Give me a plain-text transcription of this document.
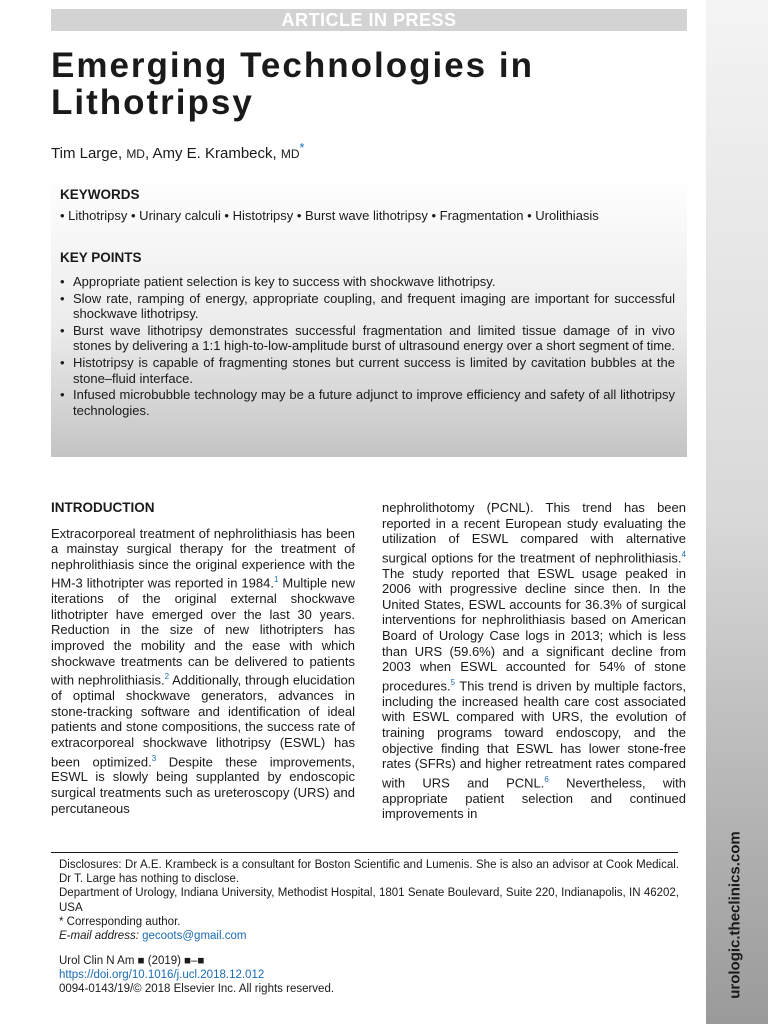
ARTICLE IN PRESS
urologic.theclinics.com
Emerging Technologies in
Lithotripsy
Tim Large, MD, Amy E. Krambeck, MD*
KEYWORDS
• Lithotripsy • Urinary calculi • Histotripsy • Burst wave lithotripsy • Fragmentation • Urolithiasis
KEY POINTS
• Appropriate patient selection is key to success with shockwave lithotripsy.
• Slow rate, ramping of energy, appropriate coupling, and frequent imaging are important for successful shockwave lithotripsy.
• Burst wave lithotripsy demonstrates successful fragmentation and limited tissue damage of in vivo stones by delivering a 1:1 high-to-low-amplitude burst of ultrasound energy over a short segment of time.
• Histotripsy is capable of fragmenting stones but current success is limited by cavitation bubbles at the stone–fluid interface.
• Infused microbubble technology may be a future adjunct to improve efficiency and safety of all lithotripsy technologies.
INTRODUCTION

Extracorporeal treatment of nephrolithiasis has been a mainstay surgical therapy for the treatment of nephrolithiasis since the original experience with the HM-3 lithotripter was reported in 1984.$^1$ Multiple new iterations of the original external shockwave lithotripter have emerged over the last 30 years. Reduction in the size of new lithotripters has improved the mobility and the ease with which shockwave treatments can be delivered to patients with nephrolithiasis.$^2$ Additionally, through elucidation of optimal shockwave generators, advances in stone-tracking software and identification of ideal patients and stone compositions, the success rate of extracorporeal shockwave lithotripsy (ESWL) has been optimized.$^3$ Despite these improvements, ESWL is slowly being supplanted by endoscopic surgical treatments such as ureteroscopy (URS) and percutaneous

nephrolithotomy (PCNL). This trend has been reported in a recent European study evaluating the utilization of ESWL compared with alternative surgical options for the treatment of nephrolithiasis.$^4$ The study reported that ESWL usage peaked in 2006 with progressive decline since then. In the United States, ESWL accounts for 36.3% of surgical interventions for nephrolithiasis based on American Board of Urology Case logs in 2013; which is less than URS (59.6%) and a significant decline from 2003 when ESWL accounted for 54% of stone procedures.$^5$ This trend is driven by multiple factors, including the increased health care cost associated with ESWL compared with URS, the evolution of training programs toward endoscopy, and the objective finding that ESWL has lower stone-free rates (SFRs) and higher retreatment rates compared with URS and PCNL.$^6$ Nevertheless, with appropriate patient selection and continued improvements in

Disclosures: Dr A.E. Krambeck is a consultant for Boston Scientific and Lumenis. She is also an advisor at Cook Medical. Dr T. Large has nothing to disclose.

Department of Urology, Indiana University, Methodist Hospital, 1801 Senate Boulevard, Suite 220, Indianapolis, IN 46202, USA

* Corresponding author.

E-mail address: gecoots@gmail.com

Urol Clin N Am ■ (2019) ■–■

https://doi.org/10.1016/j.ucl.2018.12.012

0094-0143/19/© 2018 Elsevier Inc. All rights reserved.
